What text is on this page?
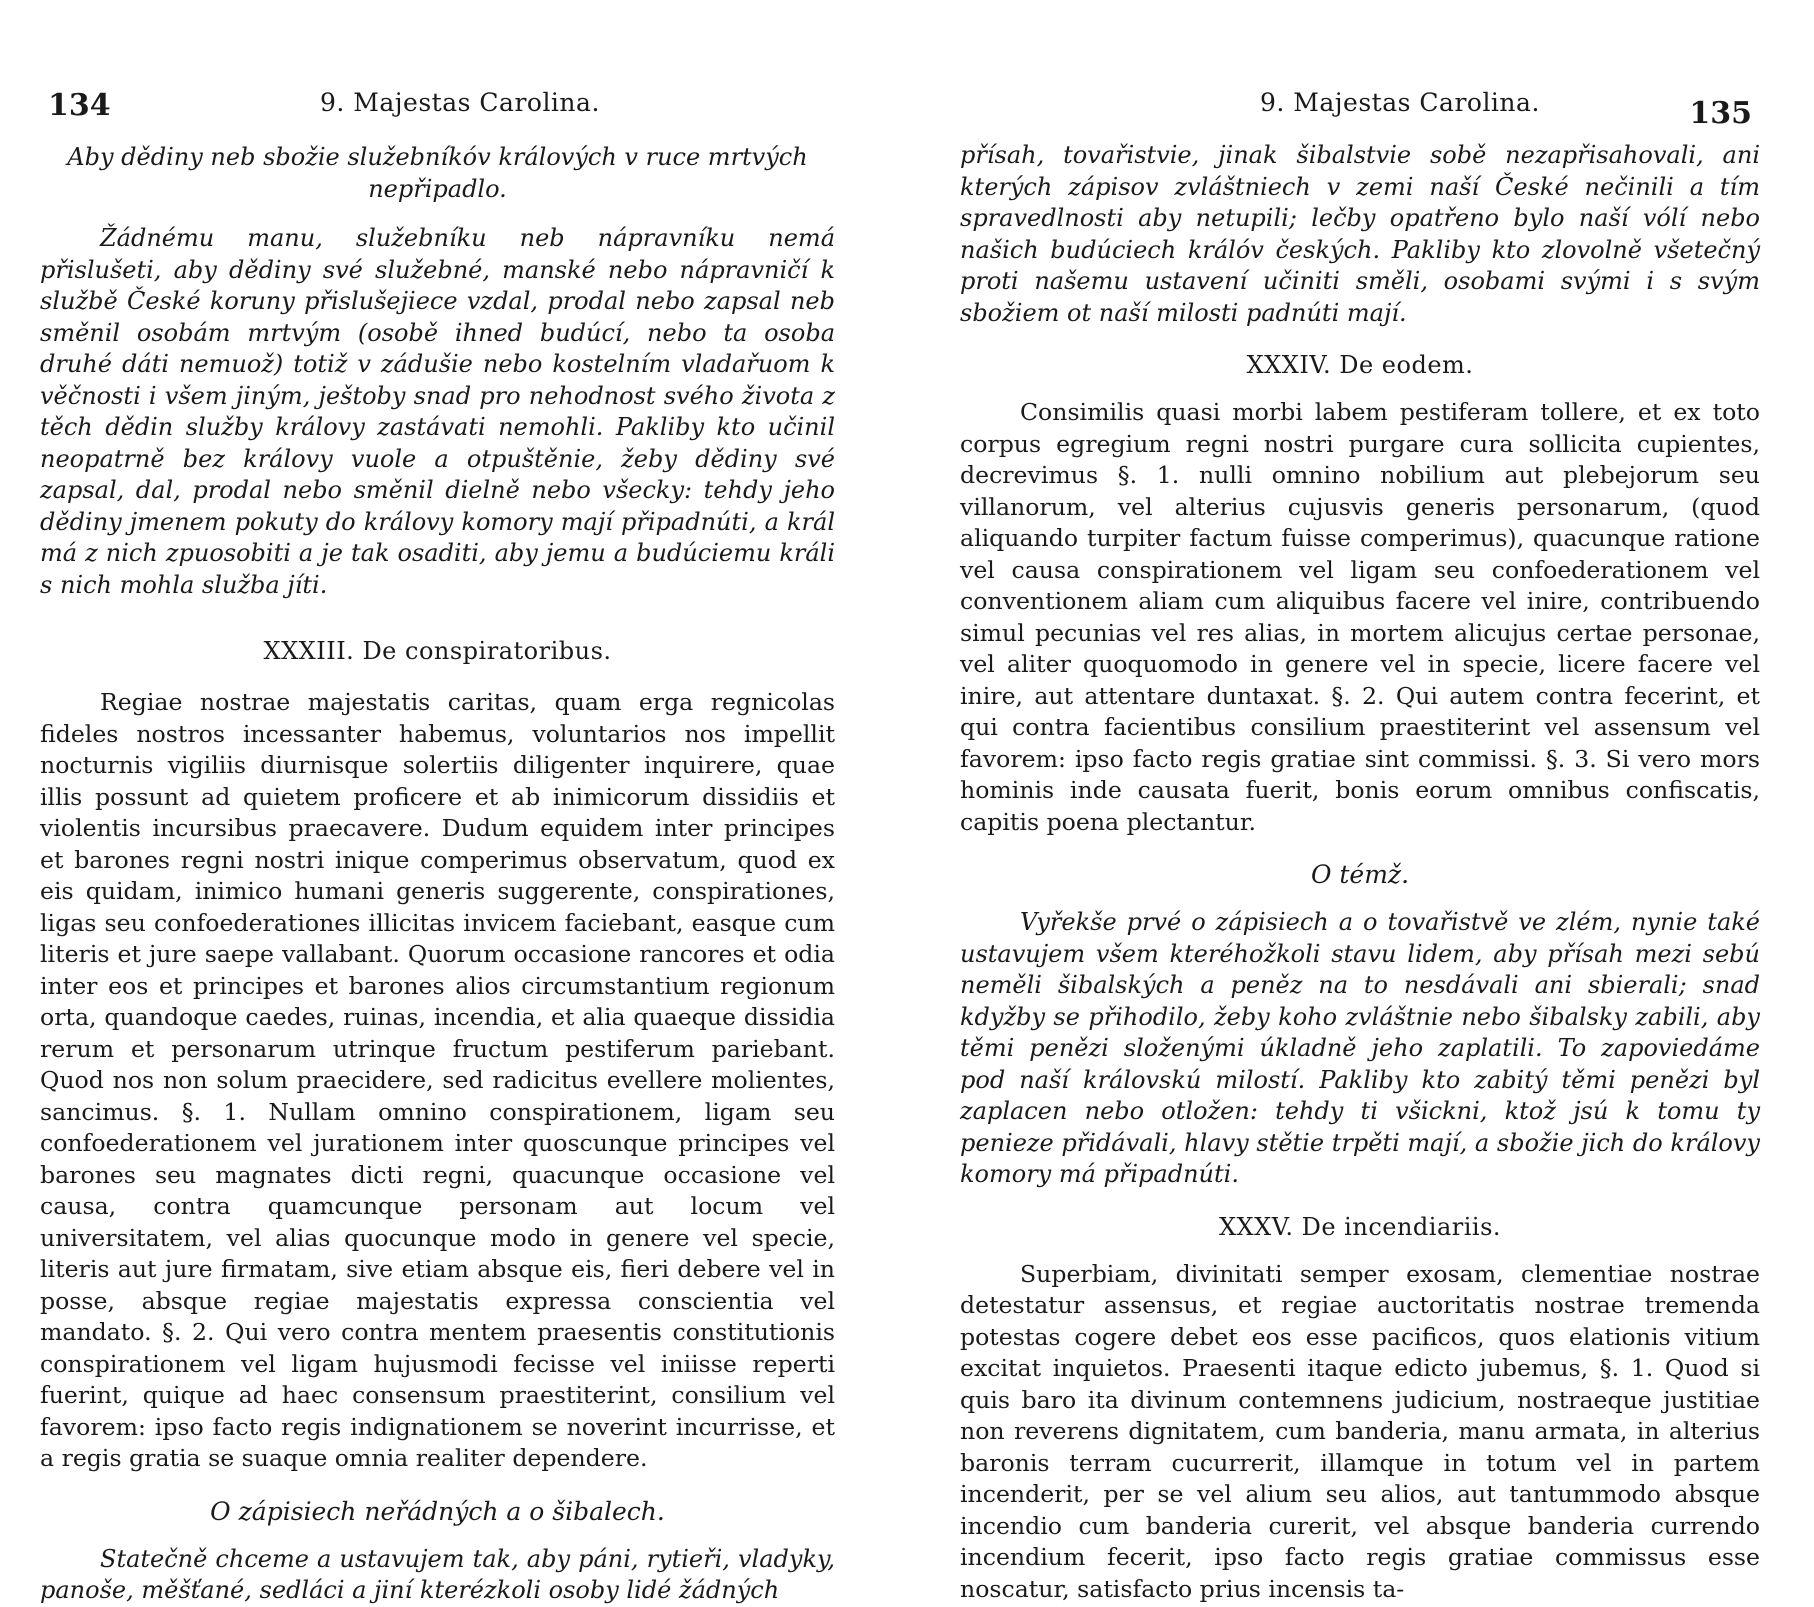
134	9. Majestas Carolina.

Aby dědiny neb sbožie služebníkóv králových v ruce mrtvých nepřipadlo.

Žádnému manu, služebníku neb nápravníku nemá přislušeti, aby dědiny své služebné, manské nebo nápravničí k službě České koruny přislušejiece vzdal, prodal nebo zapsal neb směnil osobám mrtvým (osobě ihned budúcí, nebo ta osoba druhé dáti nemuož) totiž v zádušie nebo kostelním vladařuom k věčnosti i všem jiným, ještoby snad pro nehodnost svého života z těch dědin služby královy zastávati nemohli. Pakliby kto učinil neopatrně bez královy vuole a otpuštěnie, žeby dědiny své zapsal, dal, prodal nebo směnil dielně nebo všecky: tehdy jeho dědiny jmenem pokuty do královy komory mají připadnúti, a král má z nich zpuosobiti a je tak osaditi, aby jemu a budúciemu králi s nich mohla služba jíti.

XXXIII. De conspiratoribus.

Regiae nostrae majestatis caritas, quam erga regnicolas fideles nostros incessanter habemus, voluntarios nos impellit nocturnis vigiliis diurnisque solertiis diligenter inquirere, quae illis possunt ad quietem proficere et ab inimicorum dissidiis et violentis incursibus praecavere. Dudum equidem inter principes et barones regni nostri inique comperimus observatum, quod ex eis quidam, inimico humani generis suggerente, conspirationes, ligas seu confoederationes illicitas invicem faciebant, easque cum literis et jure saepe vallabant. Quorum occasione rancores et odia inter eos et principes et barones alios circumstantium regionum orta, quandoque caedes, ruinas, incendia, et alia quaeque dissidia rerum et personarum utrinque fructum pestiferum pariebant. Quod nos non solum praecidere, sed radicitus evellere molientes, sancimus. §. 1. Nullam omnino conspirationem, ligam seu confoederationem vel jurationem inter quoscunque principes vel barones seu magnates dicti regni, quacunque occasione vel causa, contra quamcunque personam aut locum vel universitatem, vel alias quocunque modo in genere vel specie, literis aut jure firmatam, sive etiam absque eis, fieri debere vel in posse, absque regiae majestatis expressa conscientia vel mandato. §. 2. Qui vero contra mentem praesentis constitutionis conspirationem vel ligam hujusmodi fecisse vel iniisse reperti fuerint, quique ad haec consensum praestiterint, consilium vel favorem: ipso facto regis indignationem se noverint incurrisse, et a regis gratia se suaque omnia realiter dependere.

O zápisiech neřádných a o šibalech.

Statečně chceme a ustavujem tak, aby páni, rytieři, vladyky, panoše, měšťané, sedláci a jiní kterézkoli osoby lidé žádných

9. Majestas Carolina.	135

přísah, tovařistvie, jinak šibalstvie sobě nezapřisahovali, ani kterých zápisov zvláštniech v zemi naší České nečinili a tím spravedlnosti aby netupili; lečby opatřeno bylo naší vólí nebo našich budúciech králóv českých. Pakliby kto zlovolně všetečný proti našemu ustavení učiniti směli, osobami svými i s svým sbožiem ot naší milosti padnúti mají.

XXXIV. De eodem.

Consimilis quasi morbi labem pestiferam tollere, et ex toto corpus egregium regni nostri purgare cura sollicita cupientes, decrevimus §. 1. nulli omnino nobilium aut plebejorum seu villanorum, vel alterius cujusvis generis personarum, (quod aliquando turpiter factum fuisse comperimus), quacunque ratione vel causa conspirationem vel ligam seu confoederationem vel conventionem aliam cum aliquibus facere vel inire, contribuendo simul pecunias vel res alias, in mortem alicujus certae personae, vel aliter quoquomodo in genere vel in specie, licere facere vel inire, aut attentare duntaxat. §. 2. Qui autem contra fecerint, et qui contra facientibus consilium praestiterint vel assensum vel favorem: ipso facto regis gratiae sint commissi. §. 3. Si vero mors hominis inde causata fuerit, bonis eorum omnibus confiscatis, capitis poena plectantur.

O témž.

Vyřekše prvé o zápisiech a o tovařistvě ve zlém, nynie také ustavujem všem kteréhožkoli stavu lidem, aby přísah mezi sebú neměli šibalských a peněz na to nesdávali ani sbierali; snad kdyžby se přihodilo, žeby koho zvláštnie nebo šibalsky zabili, aby těmi penězi složenými úkladně jeho zaplatili. To zapoviedáme pod naší královskú milostí. Pakliby kto zabitý těmi penězi byl zaplacen nebo otložen: tehdy ti všickni, ktož jsú k tomu ty penieze přidávali, hlavy stětie trpěti mají, a sbožie jich do královy komory má připadnúti.

XXXV. De incendiariis.

Superbiam, divinitati semper exosam, clementiae nostrae detestatur assensus, et regiae auctoritatis nostrae tremenda potestas cogere debet eos esse pacificos, quos elationis vitium excitat inquietos. Praesenti itaque edicto jubemus, §. 1. Quod si quis baro ita divinum contemnens judicium, nostraeque justitiae non reverens dignitatem, cum banderia, manu armata, in alterius baronis terram cucurrerit, illamque in totum vel in partem incenderit, per se vel alium seu alios, aut tantummodo absque incendio cum banderia curerit, vel absque banderia currendo incendium fecerit, ipso facto regis gratiae commissus esse noscatur, satisfacto prius incensis ta-
